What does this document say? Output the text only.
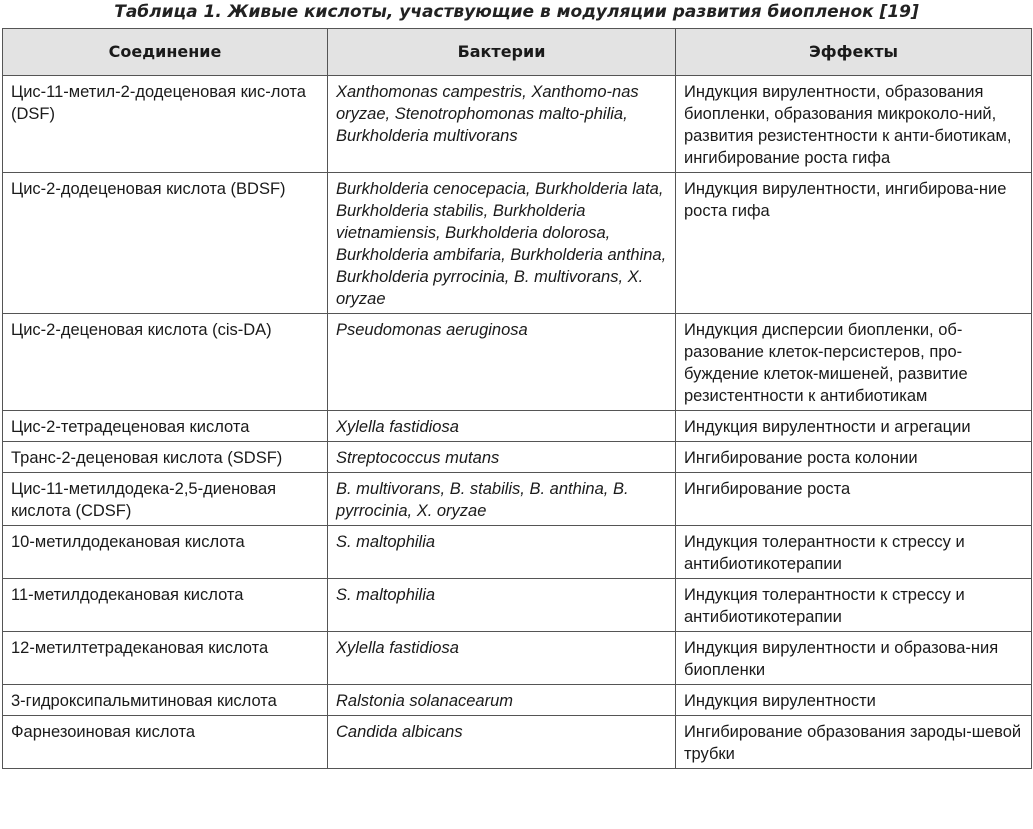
Таблица 1. Живые кислоты, участвующие в модуляции развития биопленок [19]
Соединение	Бактерии	Эффекты
Цис-11-метил-2-додеценовая кис-лота (DSF)	Xanthomonas campestris, Xanthomo-nas oryzae, Stenotrophomonas malto-philia, Burkholderia multivorans	Индукция вирулентности, образования биопленки, образования микроколо-ний, развития резистентности к анти-биотикам, ингибирование роста гифа
Цис-2-додеценовая кислота (BDSF)	Burkholderia cenocepacia, Burkholderia lata, Burkholderia stabilis, Burkholderia vietnamiensis, Burkholderia dolorosa, Burkholderia ambifaria, Burkholderia anthina, Burkholderia pyrrocinia, B. multivorans, X. oryzae	Индукция вирулентности, ингибирова-ние роста гифа
Цис-2-деценовая кислота (cis-DA)	Pseudomonas aeruginosa	Индукция дисперсии биопленки, об-разование клеток-персистеров, про-буждение клеток-мишеней, развитие резистентности к антибиотикам
Цис-2-тетрадеценовая кислота	Xylella fastidiosa	Индукция вирулентности и агрегации
Транс-2-деценовая кислота (SDSF)	Streptococcus mutans	Ингибирование роста колонии
Цис-11-метилдодека-2,5-диеновая кислота (CDSF)	B. multivorans, B. stabilis, B. anthina, B. pyrrocinia, X. oryzae	Ингибирование роста
10-метилдодекановая кислота	S. maltophilia	Индукция толерантности к стрессу и антибиотикотерапии
11-метилдодекановая кислота	S. maltophilia	Индукция толерантности к стрессу и антибиотикотерапии
12-метилтетрадекановая кислота	Xylella fastidiosa	Индукция вирулентности и образова-ния биопленки
3-гидроксипальмитиновая кислота	Ralstonia solanacearum	Индукция вирулентности
Фарнезоиновая кислота	Candida albicans	Ингибирование образования зароды-шевой трубки
